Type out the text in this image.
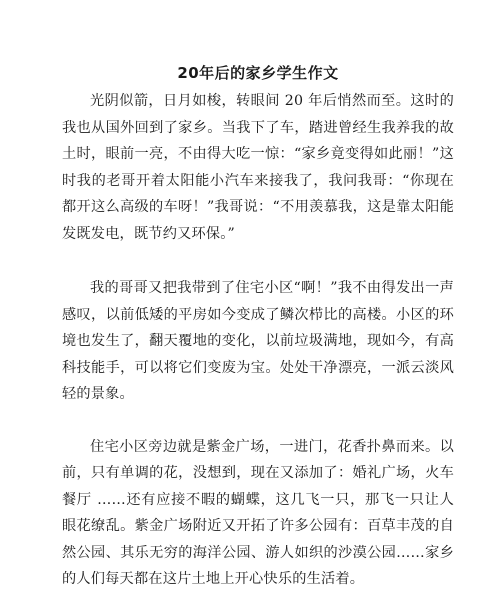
20年后的家乡学生作文

光阴似箭，日月如梭，转眼间 20 年后悄然而至。这时的我也从国外回到了家乡。当我下了车，踏进曾经生我养我的故土时，眼前一亮，不由得大吃一惊：“家乡竟变得如此丽！”这时我的老哥开着太阳能小汽车来接我了，我问我哥：“你现在都开这么高级的车呀！”我哥说：“不用羡慕我，这是靠太阳能发既发电，既节约又环保。”

我的哥哥又把我带到了住宅小区“啊！”我不由得发出一声感叹，以前低矮的平房如今变成了鳞次栉比的高楼。小区的环境也发生了，翻天覆地的变化，以前垃圾满地，现如今，有高科技能手，可以将它们变废为宝。处处干净漂亮，一派云淡风轻的景象。

住宅小区旁边就是紫金广场，一进门，花香扑鼻而来。以前，只有单调的花，没想到，现在又添加了：婚礼广场，火车餐厅 ……还有应接不暇的蝴蝶，这几飞一只，那飞一只让人眼花缭乱。紫金广场附近又开拓了许多公园有：百草丰茂的自然公园、其乐无穷的海洋公园、游人如织的沙漠公园……家乡的人们每天都在这片土地上开心快乐的生活着。
